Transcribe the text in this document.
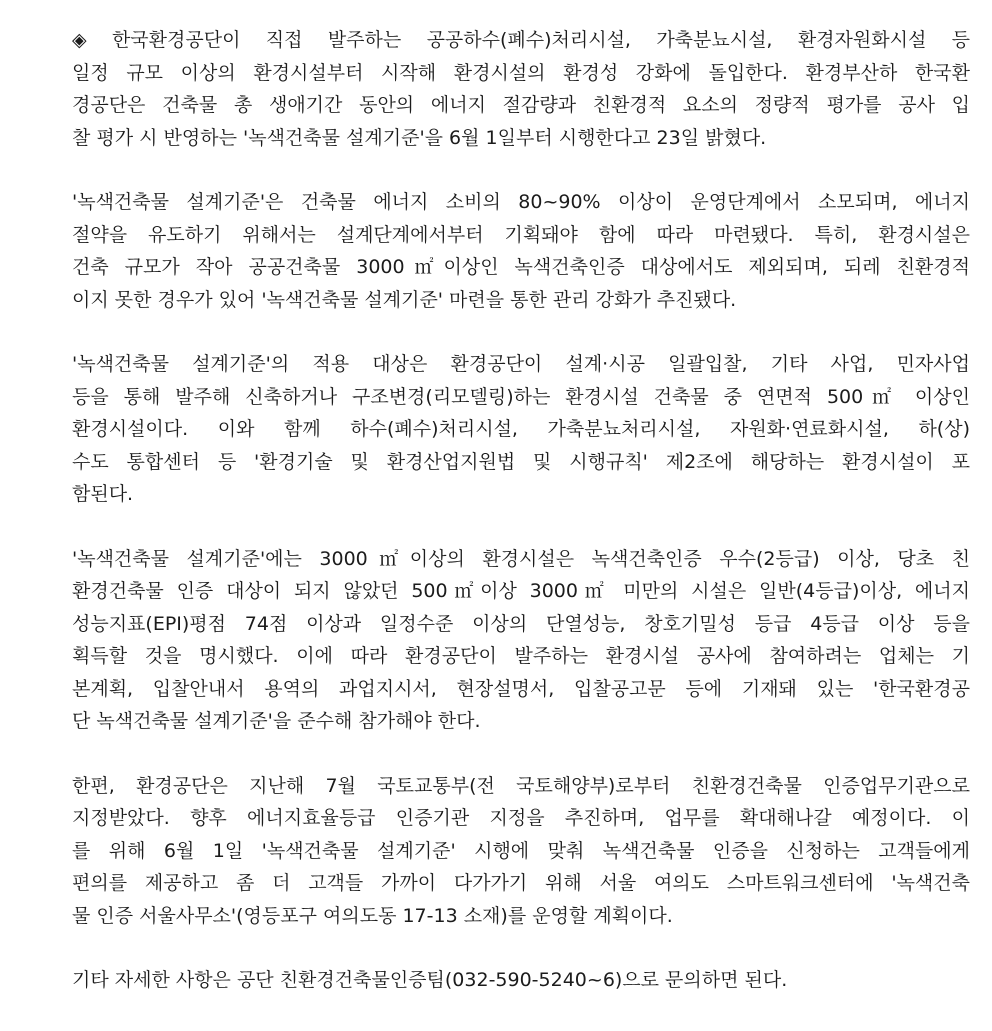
◈ 한국환경공단이 직접 발주하는 공공하수(폐수)처리시설, 가축분뇨시설, 환경자원화시설 등
일정 규모 이상의 환경시설부터 시작해 환경시설의 환경성 강화에 돌입한다. 환경부산하 한국환
경공단은 건축물 총 생애기간 동안의 에너지 절감량과 친환경적 요소의 정량적 평가를 공사 입
찰 평가 시 반영하는 '녹색건축물 설계기준'을 6월 1일부터 시행한다고 23일 밝혔다.
'녹색건축물 설계기준'은 건축물 에너지 소비의 80~90% 이상이 운영단계에서 소모되며, 에너지
절약을 유도하기 위해서는 설계단계에서부터 기획돼야 함에 따라 마련됐다. 특히, 환경시설은
건축 규모가 작아 공공건축물 3000㎡이상인 녹색건축인증 대상에서도 제외되며, 되레 친환경적
이지 못한 경우가 있어 '녹색건축물 설계기준' 마련을 통한 관리 강화가 추진됐다.
'녹색건축물 설계기준'의 적용 대상은 환경공단이 설계·시공 일괄입찰, 기타 사업, 민자사업
등을 통해 발주해 신축하거나 구조변경(리모델링)하는 환경시설 건축물 중 연면적 500㎡ 이상인
환경시설이다. 이와 함께 하수(폐수)처리시설, 가축분뇨처리시설, 자원화·연료화시설, 하(상)
수도 통합센터 등 '환경기술 및 환경산업지원법 및 시행규칙' 제2조에 해당하는 환경시설이 포
함된다.
'녹색건축물 설계기준'에는 3000㎡이상의 환경시설은 녹색건축인증 우수(2등급) 이상, 당초 친
환경건축물 인증 대상이 되지 않았던 500㎡이상 3000㎡ 미만의 시설은 일반(4등급)이상, 에너지
성능지표(EPI)평점 74점 이상과 일정수준 이상의 단열성능, 창호기밀성 등급 4등급 이상 등을
획득할 것을 명시했다. 이에 따라 환경공단이 발주하는 환경시설 공사에 참여하려는 업체는 기
본계획, 입찰안내서 용역의 과업지시서, 현장설명서, 입찰공고문 등에 기재돼 있는 '한국환경공
단 녹색건축물 설계기준'을 준수해 참가해야 한다.
한편, 환경공단은 지난해 7월 국토교통부(전 국토해양부)로부터 친환경건축물 인증업무기관으로
지정받았다. 향후 에너지효율등급 인증기관 지정을 추진하며, 업무를 확대해나갈 예정이다. 이
를 위해 6월 1일 '녹색건축물 설계기준' 시행에 맞춰 녹색건축물 인증을 신청하는 고객들에게
편의를 제공하고 좀 더 고객들 가까이 다가가기 위해 서울 여의도 스마트워크센터에 '녹색건축
물 인증 서울사무소'(영등포구 여의도동 17-13 소재)를 운영할 계획이다.
기타 자세한 사항은 공단 친환경건축물인증팀(032-590-5240~6)으로 문의하면 된다.
